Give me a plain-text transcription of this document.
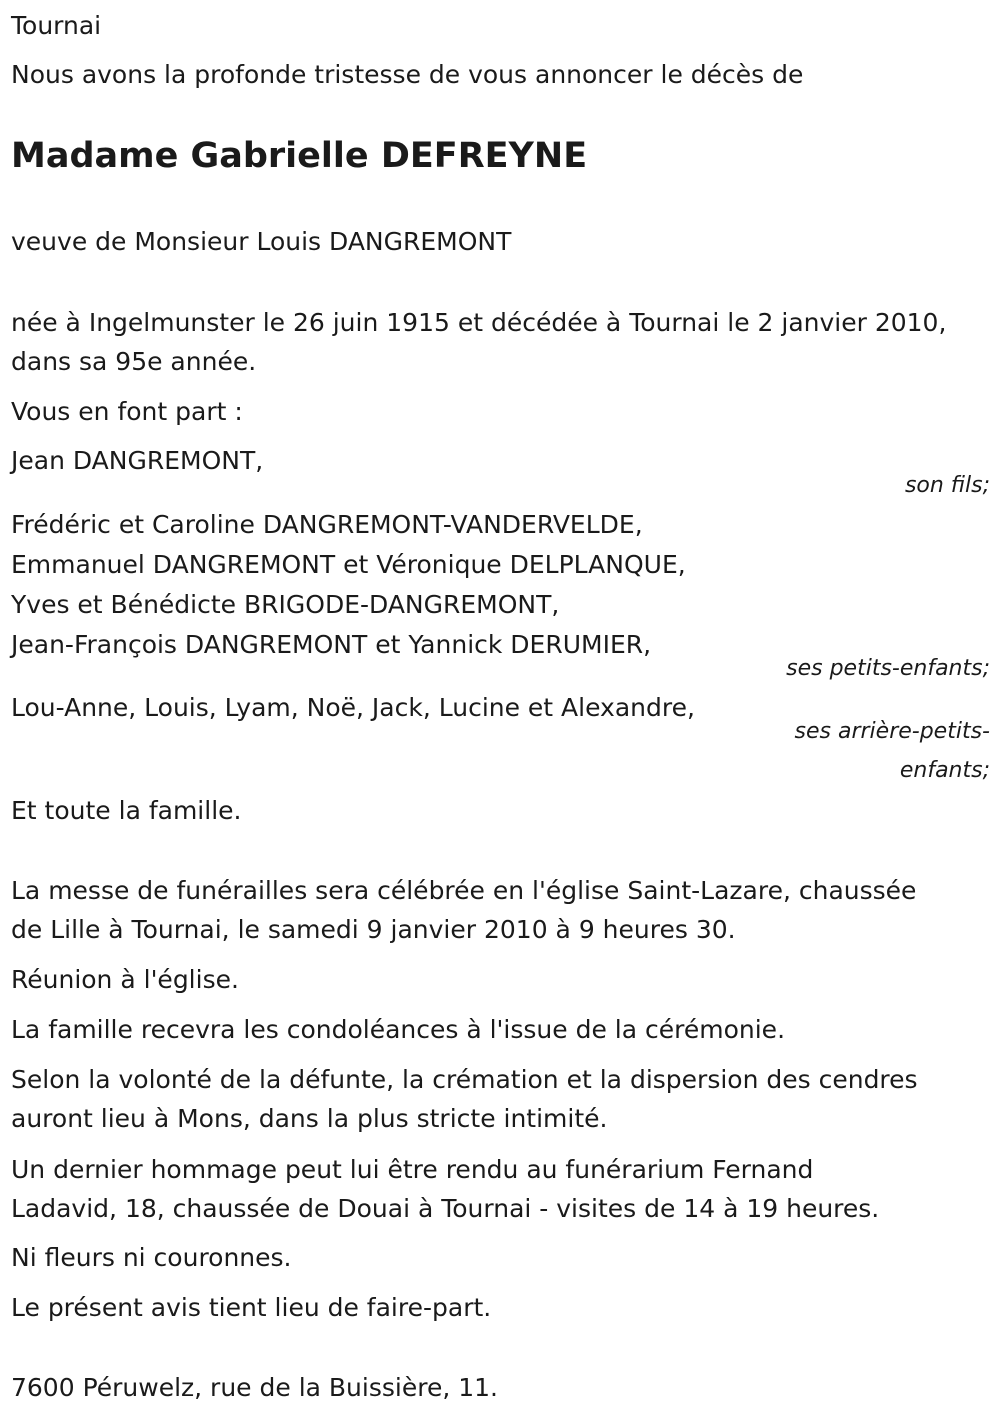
Tournai

Nous avons la profonde tristesse de vous annoncer le décès de

Madame Gabrielle DEFREYNE

veuve de Monsieur Louis DANGREMONT

née à Ingelmunster le 26 juin 1915 et décédée à Tournai le 2 janvier 2010,

dans sa 95e année.

Vous en font part :

Jean DANGREMONT,

son fils;

Frédéric et Caroline DANGREMONT-VANDERVELDE,

Emmanuel DANGREMONT et Véronique DELPLANQUE,

Yves et Bénédicte BRIGODE-DANGREMONT,

Jean-François DANGREMONT et Yannick DERUMIER,

ses petits-enfants;

Lou-Anne, Louis, Lyam, Noë, Jack, Lucine et Alexandre,

ses arrière-petits-

enfants;

Et toute la famille.

La messe de funérailles sera célébrée en l'église Saint-Lazare, chaussée

de Lille à Tournai, le samedi 9 janvier 2010 à 9 heures 30.

Réunion à l'église.

La famille recevra les condoléances à l'issue de la cérémonie.

Selon la volonté de la défunte, la crémation et la dispersion des cendres

auront lieu à Mons, dans la plus stricte intimité.

Un dernier hommage peut lui être rendu au funérarium Fernand

Ladavid, 18, chaussée de Douai à Tournai - visites de 14 à 19 heures.

Ni fleurs ni couronnes.

Le présent avis tient lieu de faire-part.

7600 Péruwelz, rue de la Buissière, 11.
